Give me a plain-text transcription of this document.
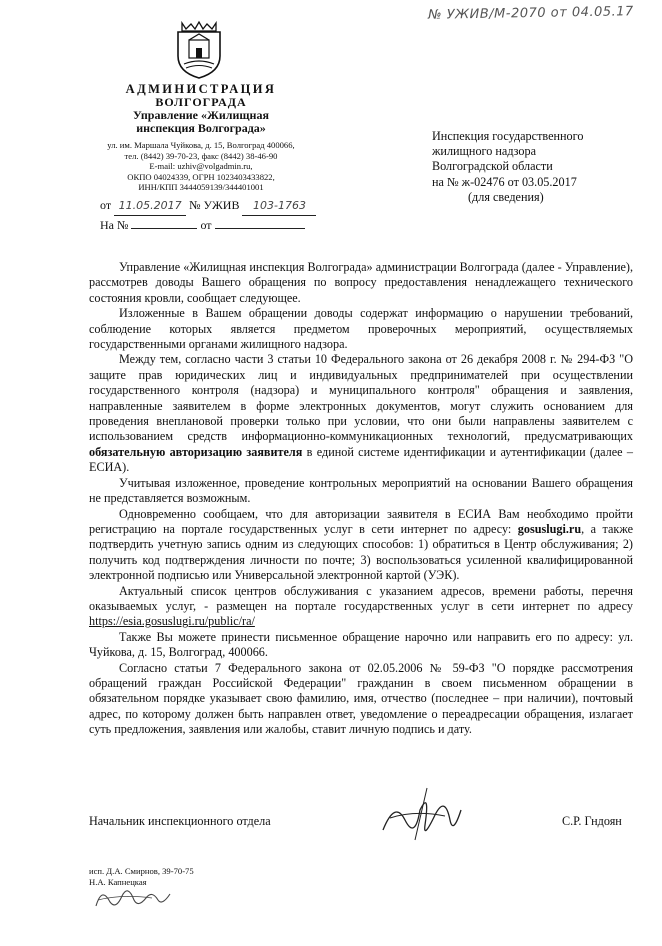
№ УЖИВ/М-2070 от 04.05.17
АДМИНИСТРАЦИЯ
ВОЛГОГРАДА
Управление «Жилищная
инспекция Волгограда»
ул. им. Маршала Чуйкова, д. 15, Волгоград 400066,
тел. (8442) 39-70-23, факс (8442) 38-46-90
E-mail: uzhiv@volgadmin.ru,
ОКПО 04024339, ОГРН 1023403433822,
ИНН/КПП 3444059139/344401001
от 11.05.2017 № УЖИВ 103-1763
На №	от
Инспекция государственного
жилищного надзора
Волгоградской области
на № ж-02476 от 03.05.2017
(для сведения)

Управление «Жилищная инспекция Волгограда» администрации Волгограда (далее - Управление), рассмотрев доводы Вашего обращения по вопросу предоставления ненадлежащего технического состояния кровли, сообщает следующее.

Изложенные в Вашем обращении доводы содержат информацию о нарушении требований, соблюдение которых является предметом проверочных мероприятий, осуществляемых государственными органами жилищного надзора.

Между тем, согласно части 3 статьи 10 Федерального закона от 26 декабря 2008 г. № 294-ФЗ "О защите прав юридических лиц и индивидуальных предпринимателей при осуществлении государственного контроля (надзора) и муниципального контроля" обращения и заявления, направленные заявителем в форме электронных документов, могут служить основанием для проведения внеплановой проверки только при условии, что они были направлены заявителем с использованием средств информационно-коммуникационных технологий, предусматривающих обязательную авторизацию заявителя в единой системе идентификации и аутентификации (далее – ЕСИА).

Учитывая изложенное, проведение контрольных мероприятий на основании Вашего обращения не представляется возможным.

Одновременно сообщаем, что для авторизации заявителя в ЕСИА Вам необходимо пройти регистрацию на портале государственных услуг в сети интернет по адресу: gosuslugi.ru, а также подтвердить учетную запись одним из следующих способов: 1) обратиться в Центр обслуживания; 2) получить код подтверждения личности по почте; 3) воспользоваться усиленной квалифицированной электронной подписью или Универсальной электронной картой (УЭК).

Актуальный список центров обслуживания с указанием адресов, времени работы, перечня оказываемых услуг, - размещен на портале государственных услуг в сети интернет по адресу https://esia.gosuslugi.ru/public/ra/

Также Вы можете принести письменное обращение нарочно или направить его по адресу: ул. Чуйкова, д. 15, Волгоград, 400066.

Согласно статьи 7 Федерального закона от 02.05.2006 № 59-ФЗ "О порядке рассмотрения обращений граждан Российской Федерации" гражданин в своем письменном обращении в обязательном порядке указывает свою фамилию, имя, отчество (последнее – при наличии), почтовый адрес, по которому должен быть направлен ответ, уведомление о переадресации обращения, излагает суть предложения, заявления или жалобы, ставит личную подпись и дату.

Начальник инспекционного отдела	С.Р. Гндоян
исп. Д.А. Смирнов, 39-70-75
Н.А. Капнецкая
